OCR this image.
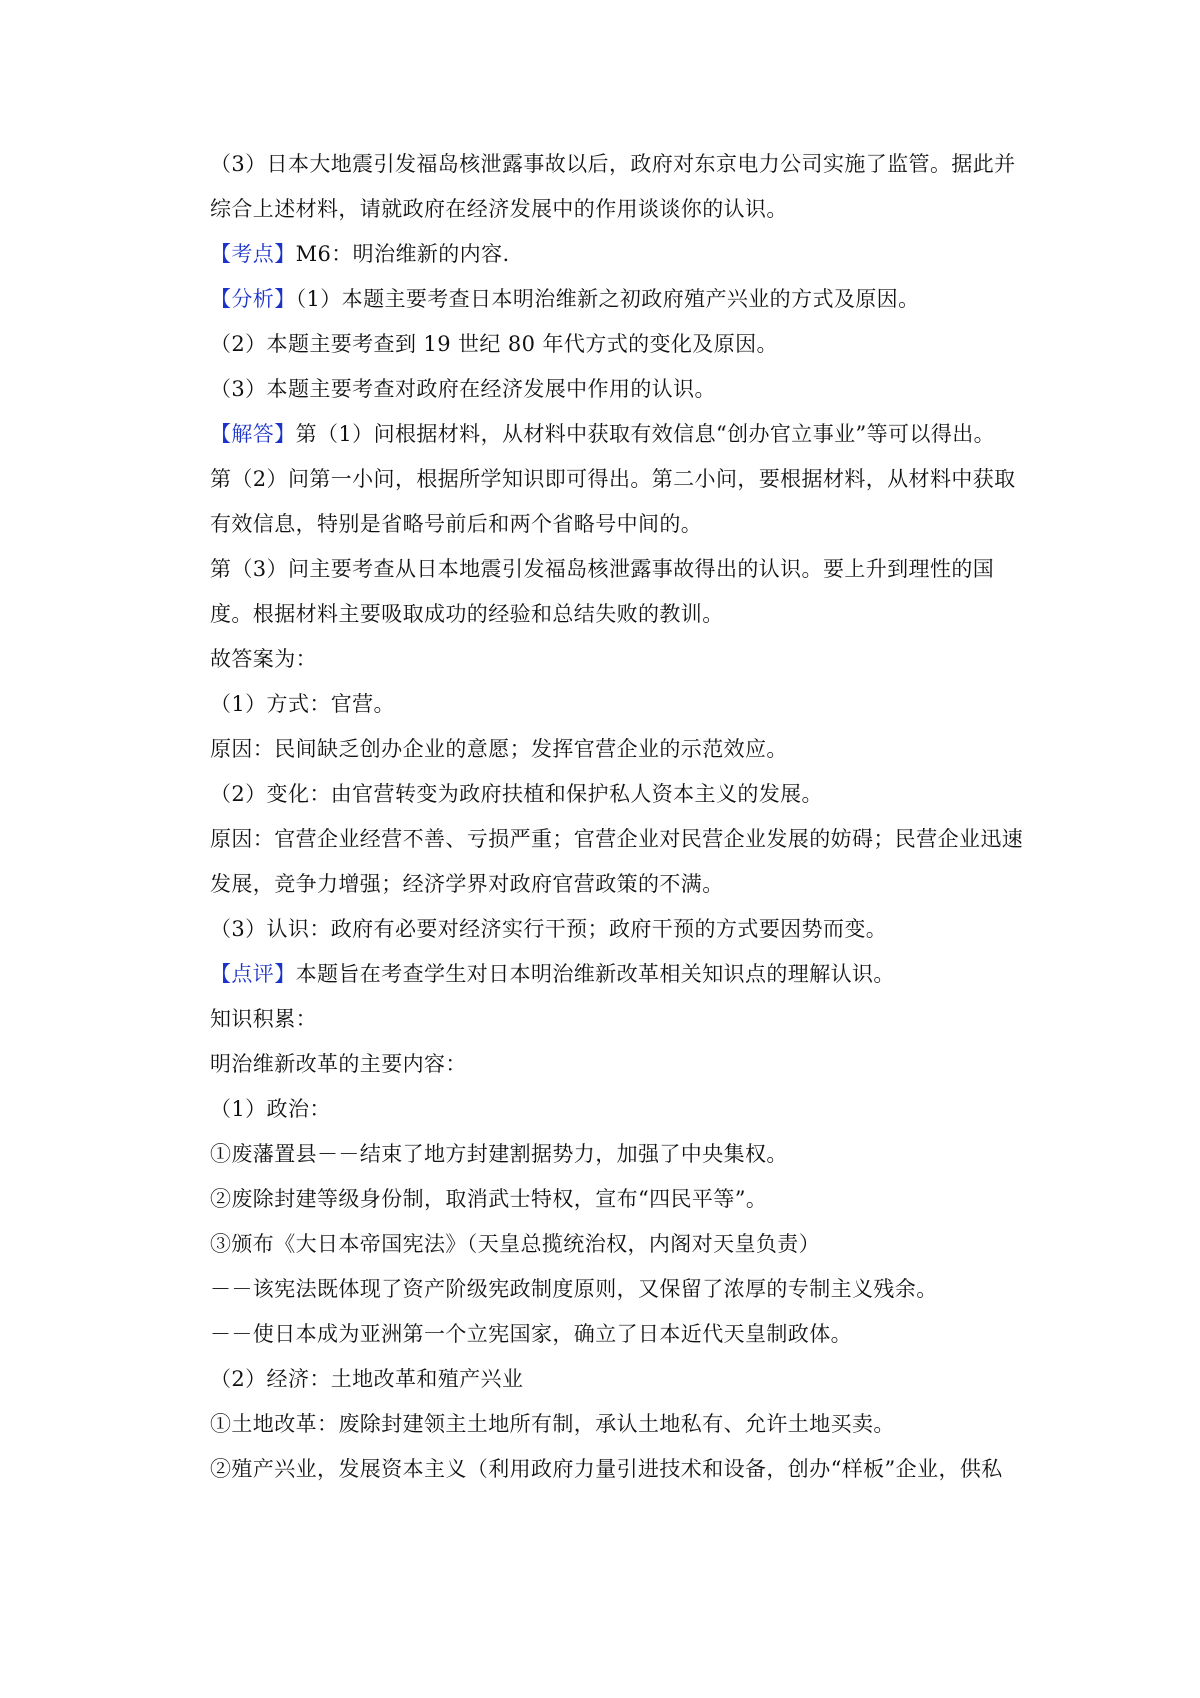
（3）日本大地震引发福岛核泄露事故以后，政府对东京电力公司实施了监管。据此并
综合上述材料，请就政府在经济发展中的作用谈谈你的认识。
【考点】M6：明治维新的内容.
【分析】（1）本题主要考查日本明治维新之初政府殖产兴业的方式及原因。
（2）本题主要考查到 19 世纪 80 年代方式的变化及原因。
（3）本题主要考查对政府在经济发展中作用的认识。
【解答】第（1）问根据材料，从材料中获取有效信息“创办官立事业”等可以得出。
第（2）问第一小问，根据所学知识即可得出。第二小问，要根据材料，从材料中获取
有效信息，特别是省略号前后和两个省略号中间的。
第（3）问主要考查从日本地震引发福岛核泄露事故得出的认识。要上升到理性的国
度。根据材料主要吸取成功的经验和总结失败的教训。
故答案为：
（1）方式：官营。
原因：民间缺乏创办企业的意愿；发挥官营企业的示范效应。
（2）变化：由官营转变为政府扶植和保护私人资本主义的发展。
原因：官营企业经营不善、亏损严重；官营企业对民营企业发展的妨碍；民营企业迅速
发展，竞争力增强；经济学界对政府官营政策的不满。
（3）认识：政府有必要对经济实行干预；政府干预的方式要因势而变。
【点评】本题旨在考查学生对日本明治维新改革相关知识点的理解认识。
知识积累：
明治维新改革的主要内容：
（1）政治：
①废藩置县－－结束了地方封建割据势力，加强了中央集权。
②废除封建等级身份制，取消武士特权，宣布“四民平等”。
③颁布《大日本帝国宪法》（天皇总揽统治权，内阁对天皇负责）
－－该宪法既体现了资产阶级宪政制度原则，又保留了浓厚的专制主义残余。
－－使日本成为亚洲第一个立宪国家，确立了日本近代天皇制政体。
（2）经济：土地改革和殖产兴业
①土地改革：废除封建领主土地所有制，承认土地私有、允许土地买卖。
②殖产兴业，发展资本主义（利用政府力量引进技术和设备，创办“样板”企业，供私
